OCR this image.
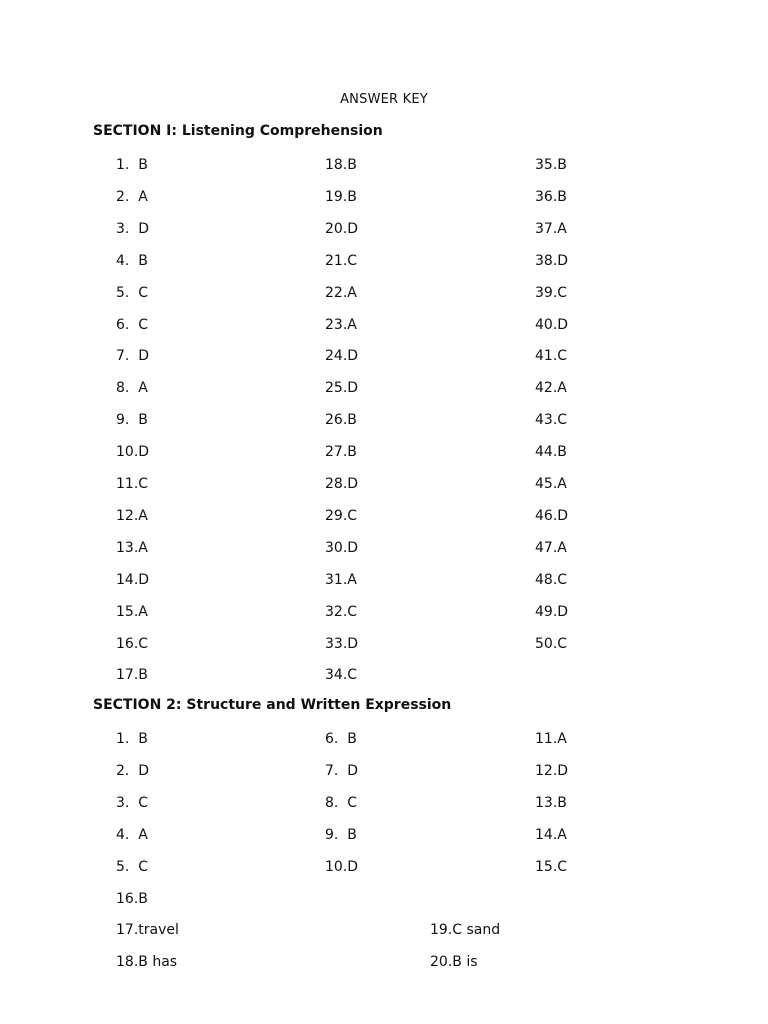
ANSWER KEY
SECTION I: Listening Comprehension
1.  B
2.  A
3.  D
4.  B
5.  C
6.  C
7.  D
8.  A
9.  B
10.D
11.C
12.A
13.A
14.D
15.A
16.C
17.B
18.B
19.B
20.D
21.C
22.A
23.A
24.D
25.D
26.B
27.B
28.D
29.C
30.D
31.A
32.C
33.D
34.C
35.B
36.B
37.A
38.D
39.C
40.D
41.C
42.A
43.C
44.B
45.A
46.D
47.A
48.C
49.D
50.C
SECTION 2: Structure and Written Expression
1.  B
2.  D
3.  C
4.  A
5.  C
16.B
6.  B
7.  D
8.  C
9.  B
10.D
11.A
12.D
13.B
14.A
15.C
17.travel
18.B has
19.C sand
20.B is
